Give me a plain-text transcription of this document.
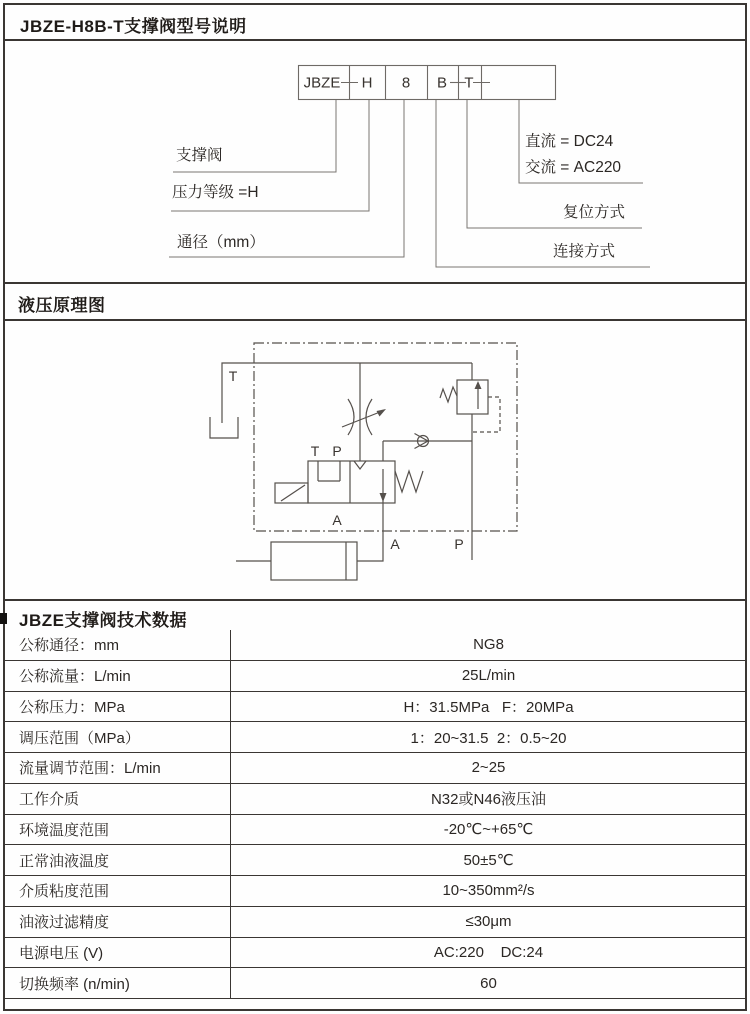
JBZE-H8B-T支撑阀型号说明
JBZE H 8 B T
支撑阀
压力等级 =H
通径（mm）
直流 = DC24
交流 = AC220
复位方式
连接方式
液压原理图
T
T P
A
A	P
JBZE支撑阀技术数据
公称通径：mm	NG8
公称流量：L/min	25L/min
公称压力：MPa	H：31.5MPa   F：20MPa
调压范围（MPa）	1：20~31.5  2：0.5~20
流量调节范围：L/min	2~25
工作介质	N32或N46液压油
环境温度范围	-20℃~+65℃
正常油液温度	50±5℃
介质粘度范围	10~350mm²/s
油液过滤精度	≤30μm
电源电压 (V)	AC:220    DC:24
切换频率 (n/min)	60
